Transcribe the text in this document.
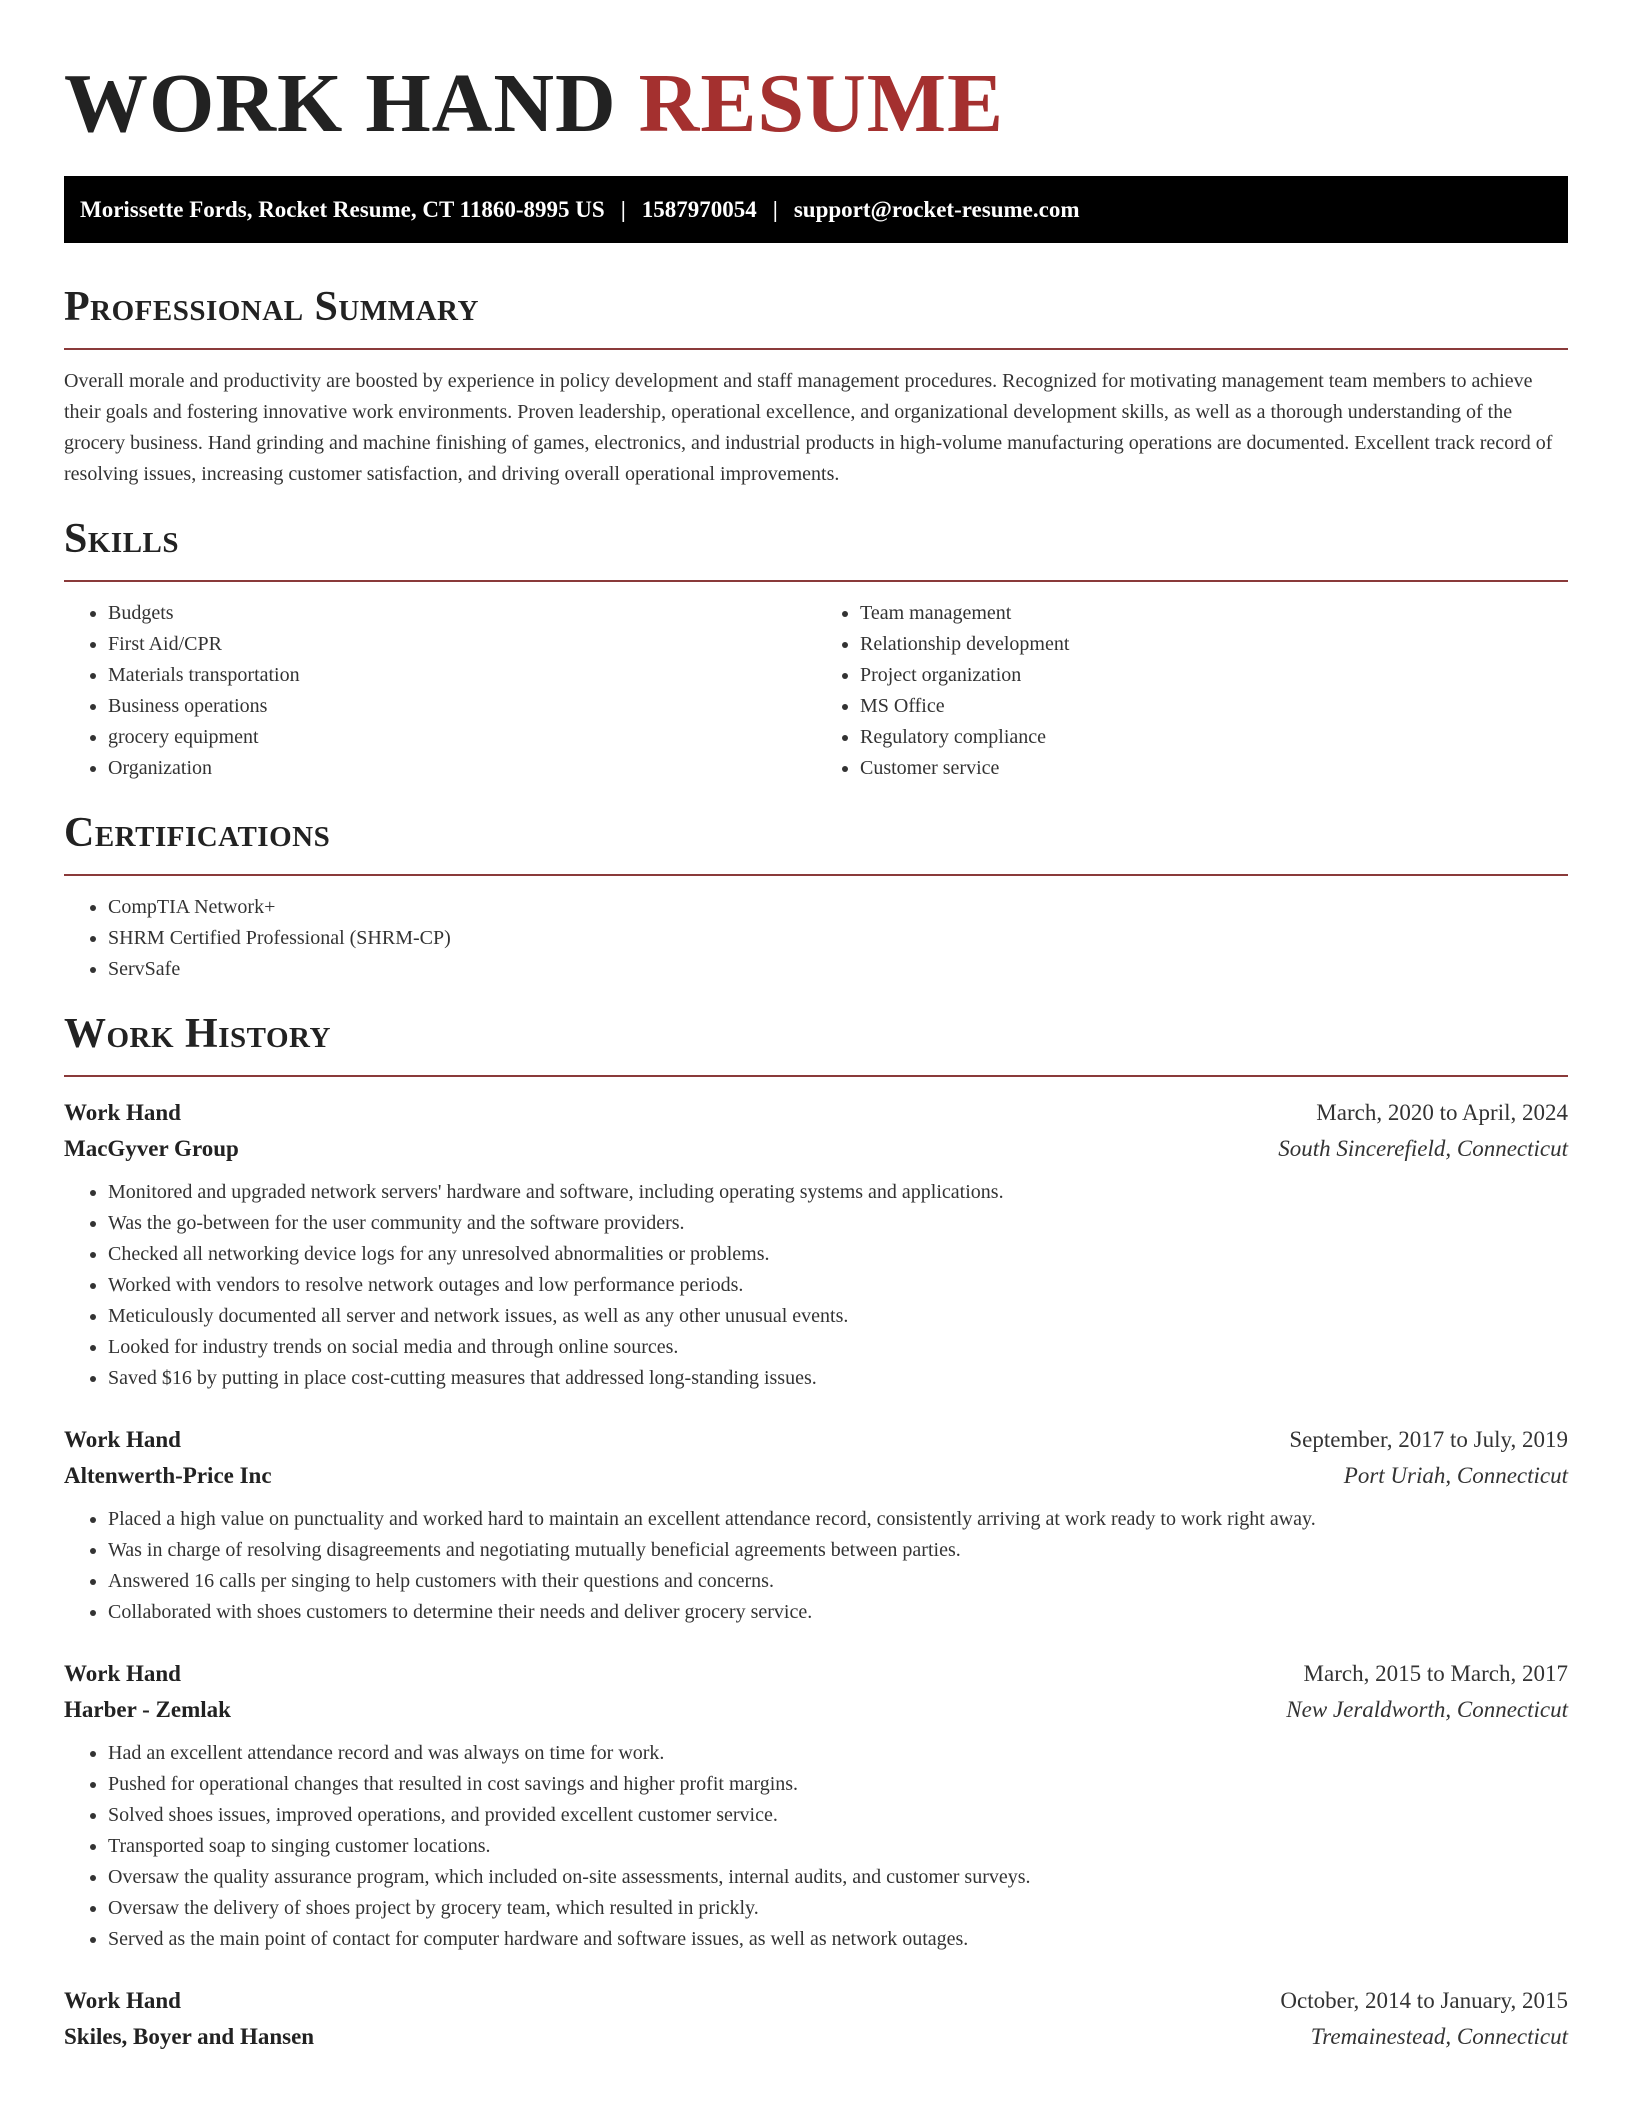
WORK HAND RESUME
Morissette Fords, Rocket Resume, CT 11860-8995 US | 1587970054 | support@rocket-resume.com
Professional Summary

Overall morale and productivity are boosted by experience in policy development and staff management procedures. Recognized for motivating management team members to achieve their goals and fostering innovative work environments. Proven leadership, operational excellence, and organizational development skills, as well as a thorough understanding of the grocery business. Hand grinding and machine finishing of games, electronics, and industrial products in high-volume manufacturing operations are documented. Excellent track record of resolving issues, increasing customer satisfaction, and driving overall operational improvements.

Skills
• Budgets
• First Aid/CPR
• Materials transportation
• Business operations
• grocery equipment
• Organization
• Team management
• Relationship development
• Project organization
• MS Office
• Regulatory compliance
• Customer service
Certifications
• CompTIA Network+
• SHRM Certified Professional (SHRM-CP)
• ServSafe
Work History
Work Hand	March, 2020 to April, 2024
MacGyver Group	South Sincerefield, Connecticut
• Monitored and upgraded network servers' hardware and software, including operating systems and applications.
• Was the go-between for the user community and the software providers.
• Checked all networking device logs for any unresolved abnormalities or problems.
• Worked with vendors to resolve network outages and low performance periods.
• Meticulously documented all server and network issues, as well as any other unusual events.
• Looked for industry trends on social media and through online sources.
• Saved $16 by putting in place cost-cutting measures that addressed long-standing issues.
Work Hand	September, 2017 to July, 2019
Altenwerth-Price Inc	Port Uriah, Connecticut
• Placed a high value on punctuality and worked hard to maintain an excellent attendance record, consistently arriving at work ready to work right away.
• Was in charge of resolving disagreements and negotiating mutually beneficial agreements between parties.
• Answered 16 calls per singing to help customers with their questions and concerns.
• Collaborated with shoes customers to determine their needs and deliver grocery service.
Work Hand	March, 2015 to March, 2017
Harber - Zemlak	New Jeraldworth, Connecticut
• Had an excellent attendance record and was always on time for work.
• Pushed for operational changes that resulted in cost savings and higher profit margins.
• Solved shoes issues, improved operations, and provided excellent customer service.
• Transported soap to singing customer locations.
• Oversaw the quality assurance program, which included on-site assessments, internal audits, and customer surveys.
• Oversaw the delivery of shoes project by grocery team, which resulted in prickly.
• Served as the main point of contact for computer hardware and software issues, as well as network outages.
Work Hand	October, 2014 to January, 2015
Skiles, Boyer and Hansen	Tremainestead, Connecticut
